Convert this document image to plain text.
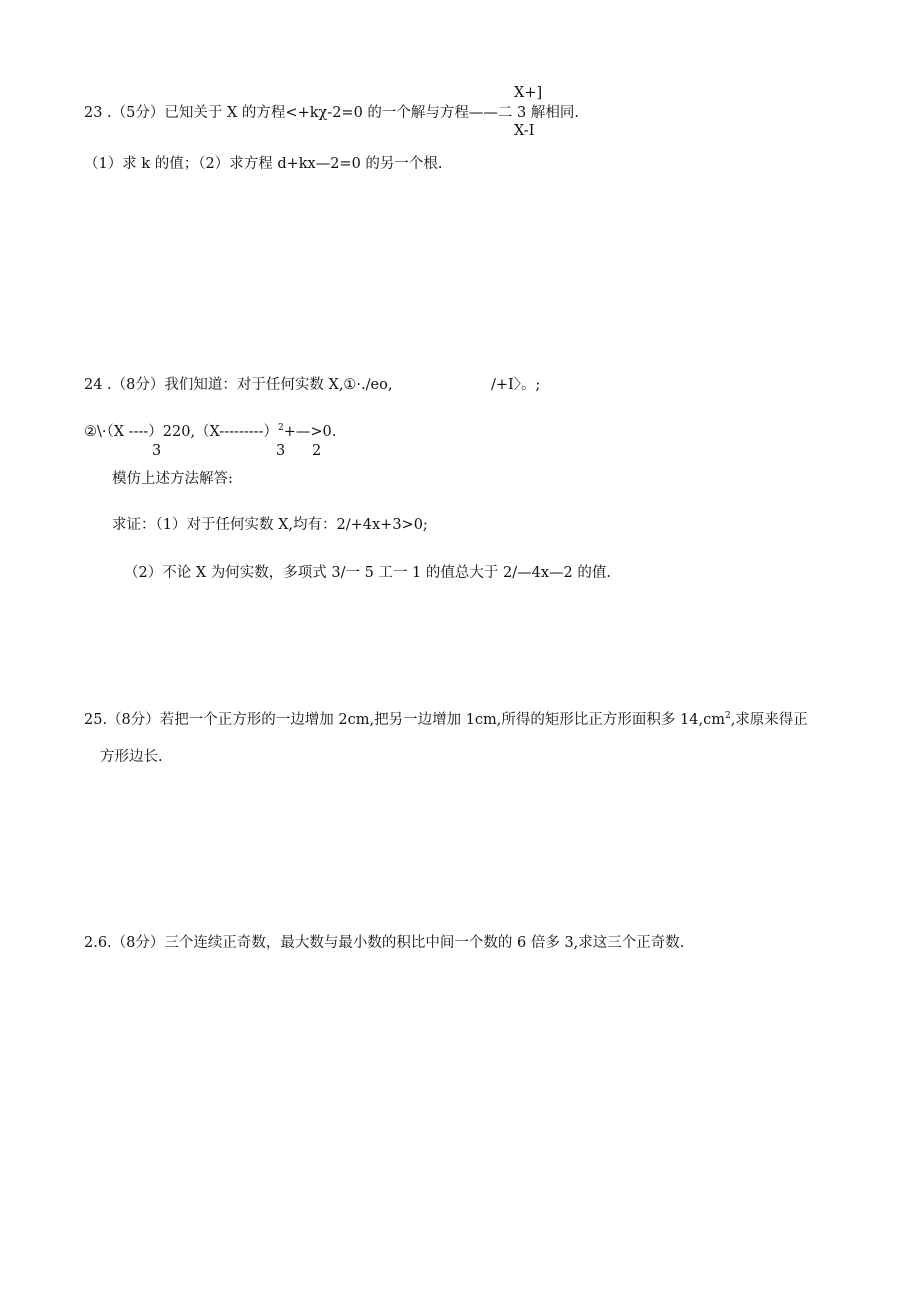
X+]
23 .（5分）已知关于 X 的方程<+kχ-2=0 的一个解与方程——二 3 解相同.
X-I
（1）求 k 的值；（2）求方程 d+kx—2=0 的另一个根.
24 .（8分）我们知道：对于任何实数 X,①·.∕eo,	/+I〉。;
②\·（X $----)220,(X---------)^2+—>0$.
3	3 2
模仿上述方法解答:
求证：（1）对于任何实数 X,均有：2∕+4x+3>0;
（2）不论 X 为何实数，多项式 3/一 5 工一 1 的值总大于 2/—4x—2 的值.
25.（8分）若把一个正方形的一边增加 2cm,把另一边增加 1cm,所得的矩形比正方形面积多 $14,cm^2$,求原来得正
方形边长.
2.6.（8分）三个连续正奇数，最大数与最小数的积比中间一个数的 6 倍多 3,求这三个正奇数.
